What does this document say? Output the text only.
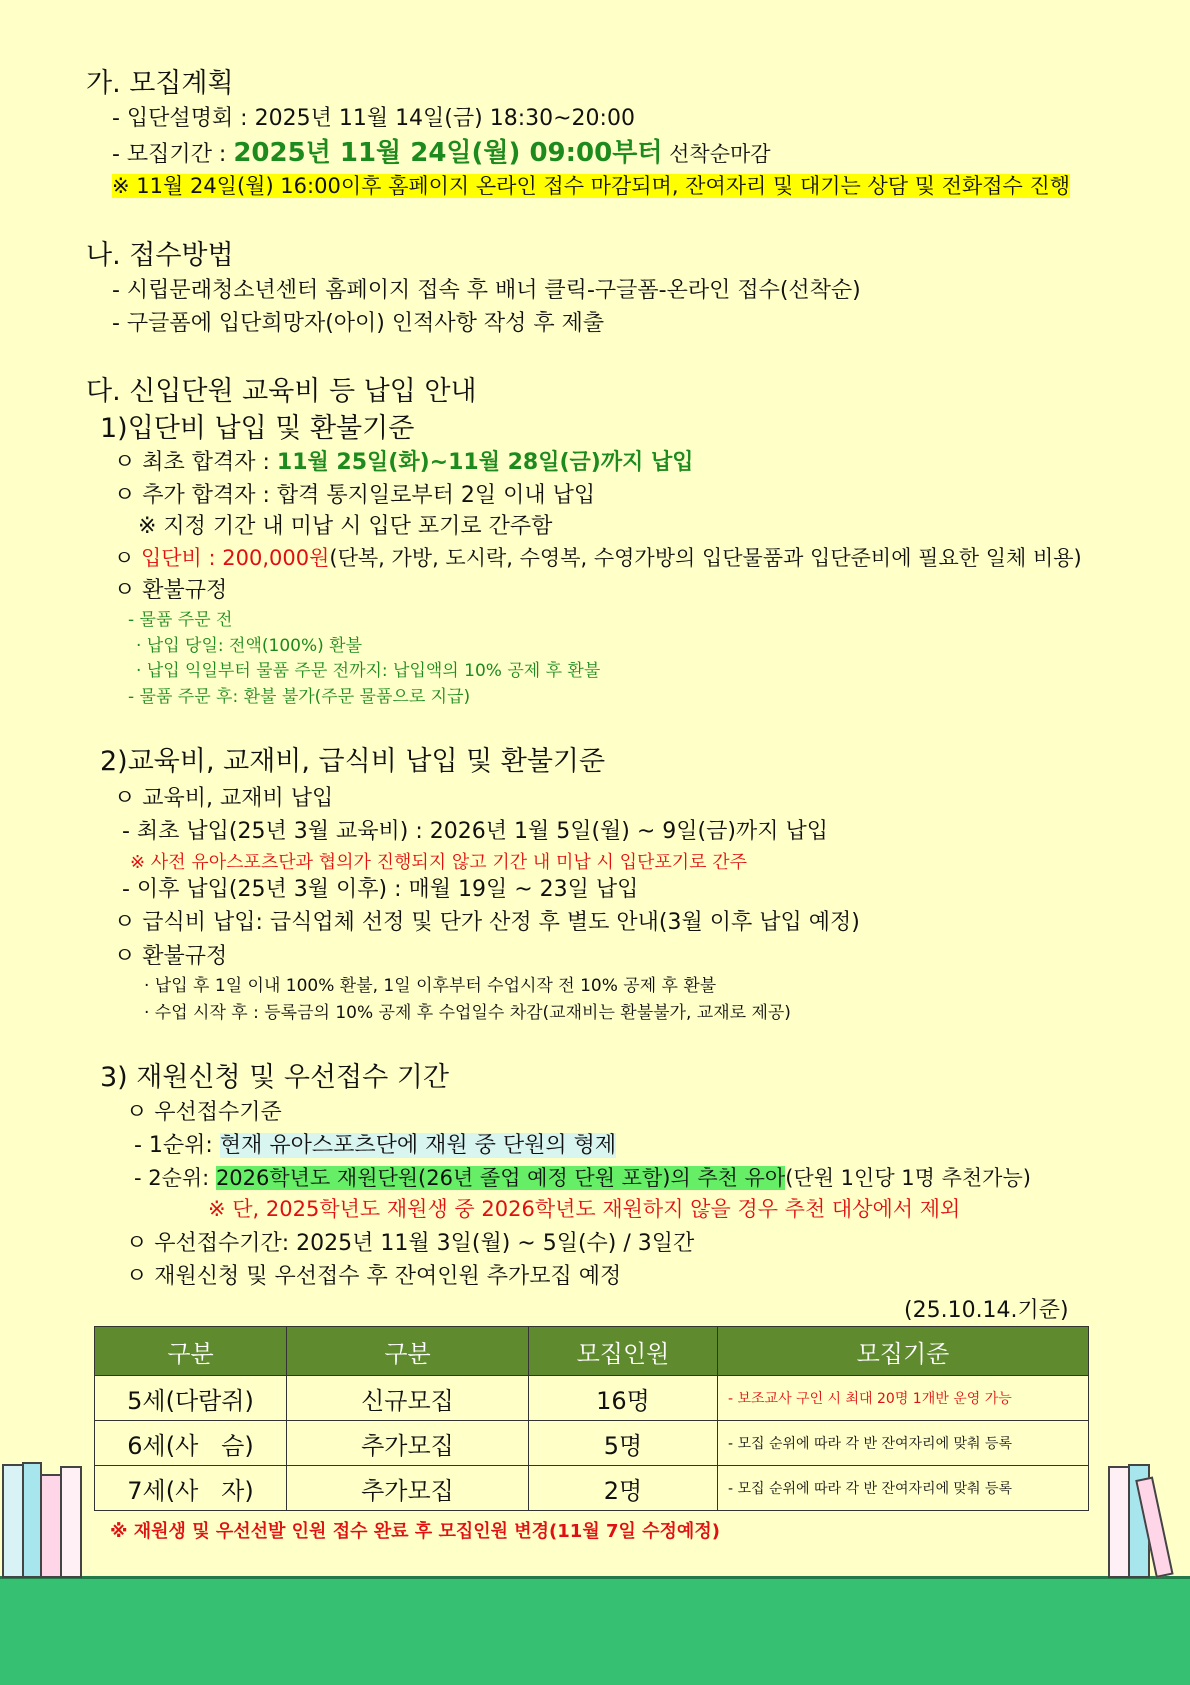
가. 모집계획
- 입단설명회 : 2025년 11월 14일(금) 18:30~20:00
- 모집기간 : 2025년 11월 24일(월) 09:00부터 선착순마감
※ 11월 24일(월) 16:00이후 홈페이지 온라인 접수 마감되며, 잔여자리 및 대기는 상담 및 전화접수 진행
나. 접수방법
- 시립문래청소년센터 홈페이지 접속 후 배너 클릭-구글폼-온라인 접수(선착순)
- 구글폼에 입단희망자(아이) 인적사항 작성 후 제출
다. 신입단원 교육비 등 납입 안내
1)입단비 납입 및 환불기준
ㅇ 최초 합격자 : 11월 25일(화)~11월 28일(금)까지 납입
ㅇ 추가 합격자 : 합격 통지일로부터 2일 이내 납입
※ 지정 기간 내 미납 시 입단 포기로 간주함
ㅇ 입단비 : 200,000원(단복, 가방, 도시락, 수영복, 수영가방의 입단물품과 입단준비에 필요한 일체 비용)
ㅇ 환불규정
- 물품 주문 전
· 납입 당일: 전액(100%) 환불
· 납입 익일부터 물품 주문 전까지: 납입액의 10% 공제 후 환불
- 물품 주문 후: 환불 불가(주문 물품으로 지급)
2)교육비, 교재비, 급식비 납입 및 환불기준
ㅇ 교육비, 교재비 납입
- 최초 납입(25년 3월 교육비) : 2026년 1월 5일(월) ~ 9일(금)까지 납입
※ 사전 유아스포츠단과 협의가 진행되지 않고 기간 내 미납 시 입단포기로 간주
- 이후 납입(25년 3월 이후) : 매월 19일 ~ 23일 납입
ㅇ 급식비 납입: 급식업체 선정 및 단가 산정 후 별도 안내(3월 이후 납입 예정)
ㅇ 환불규정
· 납입 후 1일 이내 100% 환불, 1일 이후부터 수업시작 전 10% 공제 후 환불
· 수업 시작 후 : 등록금의 10% 공제 후 수업일수 차감(교재비는 환불불가, 교재로 제공)
3) 재원신청 및 우선접수 기간
ㅇ 우선접수기준
- 1순위: 현재 유아스포츠단에 재원 중 단원의 형제
- 2순위: 2026학년도 재원단원(26년 졸업 예정 단원 포함)의 추천 유아(단원 1인당 1명 추천가능)
※ 단, 2025학년도 재원생 중 2026학년도 재원하지 않을 경우 추천 대상에서 제외
ㅇ 우선접수기간: 2025년 11월 3일(월) ~ 5일(수) / 3일간
ㅇ 재원신청 및 우선접수 후 잔여인원 추가모집 예정
(25.10.14.기준)
구분	구분	모집인원	모집기준
5세(다람쥐)	신규모집	16명	- 보조교사 구인 시 최대 20명 1개반 운영 가능
6세(사   슴)	추가모집	5명	- 모집 순위에 따라 각 반 잔여자리에 맞춰 등록
7세(사   자)	추가모집	2명	- 모집 순위에 따라 각 반 잔여자리에 맞춰 등록
※ 재원생 및 우선선발 인원 접수 완료 후 모집인원 변경(11월 7일 수정예정)
